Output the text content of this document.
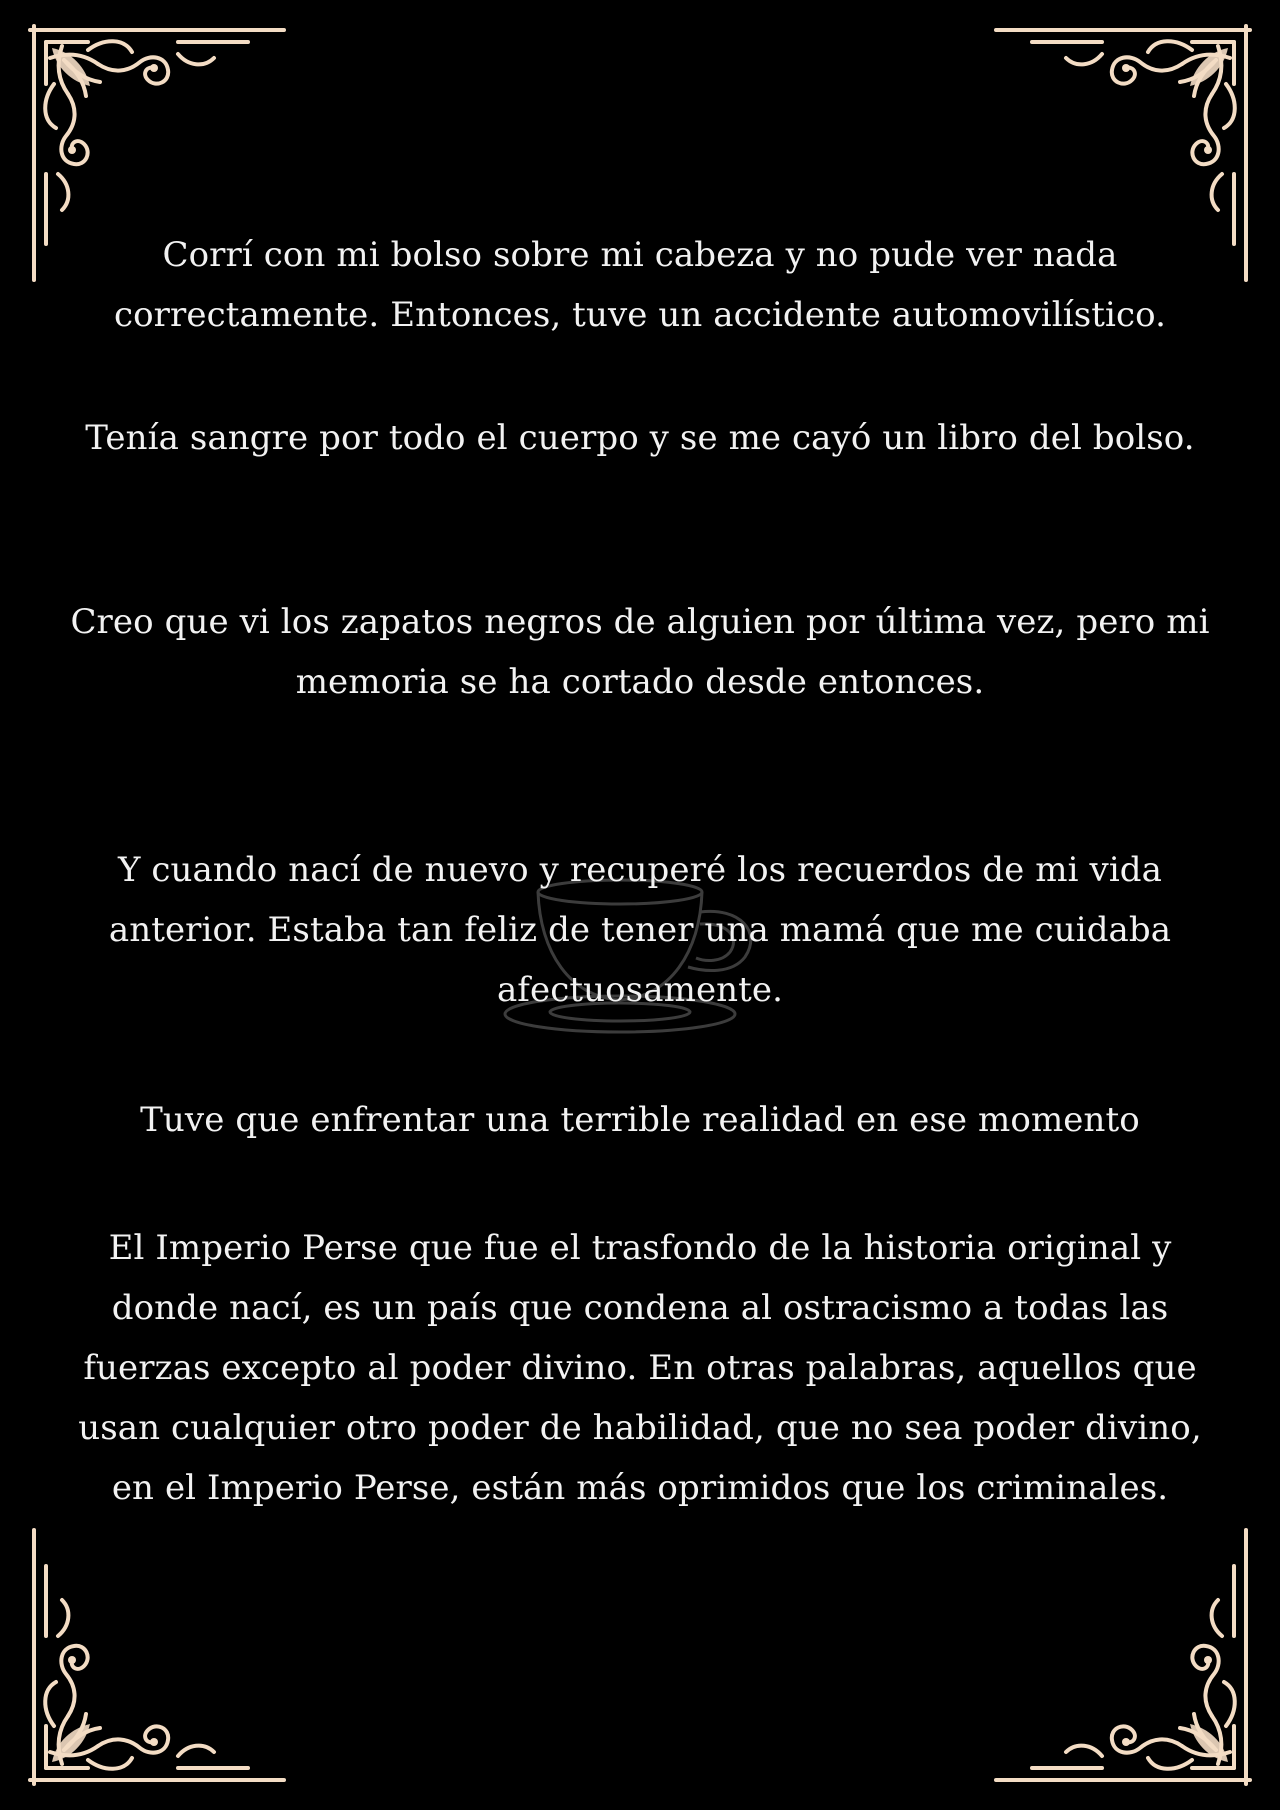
Corrí con mi bolso sobre mi cabeza y no pude ver nada correctamente. Entonces, tuve un accidente automovilístico.

Tenía sangre por todo el cuerpo y se me cayó un libro del bolso.

Creo que vi los zapatos negros de alguien por última vez, pero mi memoria se ha cortado desde entonces.

Y cuando nací de nuevo y recuperé los recuerdos de mi vida anterior. Estaba tan feliz de tener una mamá que me cuidaba afectuosamente.

Tuve que enfrentar una terrible realidad en ese momento

El Imperio Perse que fue el trasfondo de la historia original y donde nací, es un país que condena al ostracismo a todas las fuerzas excepto al poder divino. En otras palabras, aquellos que usan cualquier otro poder de habilidad, que no sea poder divino, en el Imperio Perse, están más oprimidos que los criminales.
